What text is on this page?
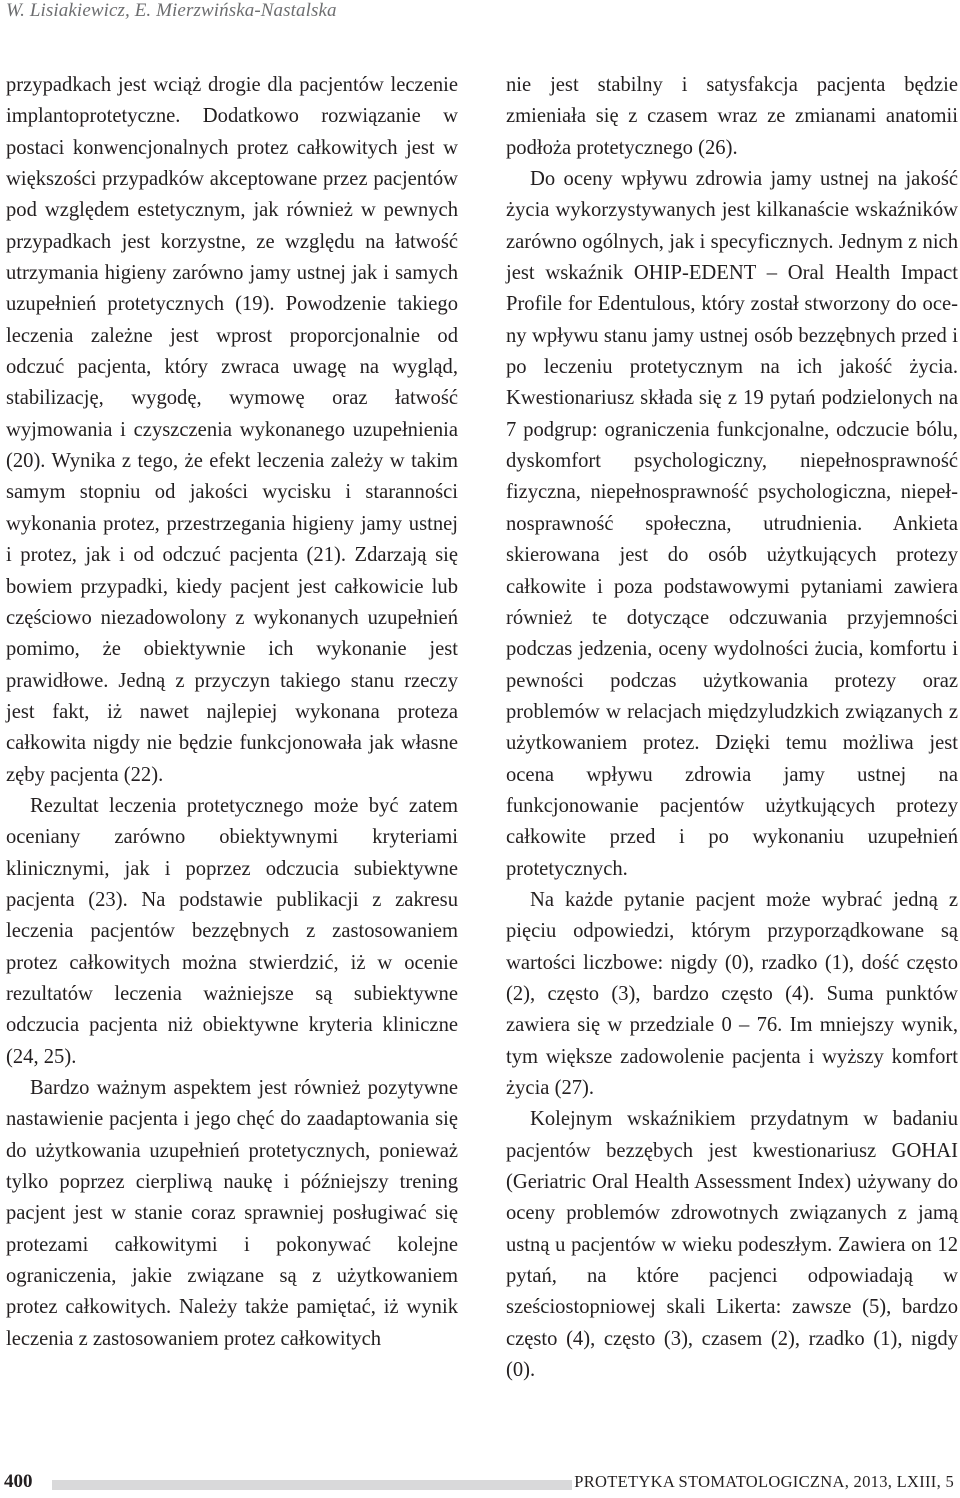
W. Lisiakiewicz, E. Mierzwińska-Nastalska

przypadkach jest wciąż drogie dla pacjentów leczenie implantoprotetyczne. Dodatkowo rozwiązanie w postaci konwencjonalnych protez całkowitych jest w większości przypadków akceptowane przez pacjentów pod względem estetycznym, jak również w pewnych przypadkach jest korzystne, ze względu na łatwość utrzymania higieny zarówno jamy ustnej jak i samych uzupełnień protetycznych (19). Powodzenie takiego leczenia zależne jest wprost proporcjonalnie od odczuć pacjenta, który zwraca uwagę na wygląd, stabilizację, wygodę, wymowę oraz łatwość wyjmowania i czyszczenia wykonanego uzupełnienia (20). Wynika z tego, że efekt leczenia zależy w takim samym stopniu od jakości wycisku i staranności wykonania protez, przestrzegania higieny jamy ustnej i protez, jak i od odczuć pacjenta (21). Zdarzają się bowiem przypadki, kiedy pacjent jest całkowicie lub częściowo niezadowolony z wykonanych uzupełnień pomimo, że obiektywnie ich wykonanie jest prawidłowe. Jedną z przyczyn takiego stanu rzeczy jest fakt, iż nawet najlepiej wykonana proteza całkowita nigdy nie będzie funkcjonowała jak własne zęby pacjenta (22).

Rezultat leczenia protetycznego może być zatem oceniany zarówno obiektywnymi kryteriami klinicznymi, jak i poprzez odczucia subiektywne pacjenta (23). Na podstawie publikacji z zakresu leczenia pacjentów bezzębnych z zastosowaniem protez całkowitych można stwierdzić, iż w ocenie rezultatów leczenia ważniejsze są subiektywne odczucia pacjenta niż obiektywne kryteria kliniczne (24, 25).

Bardzo ważnym aspektem jest również pozytywne nastawienie pacjenta i jego chęć do zaadaptowania się do użytkowania uzupełnień protetycznych, ponieważ tylko poprzez cierpliwą naukę i późniejszy trening pacjent jest w stanie coraz sprawniej posługiwać się protezami całkowitymi i pokonywać kolejne ograniczenia, jakie związane są z użytkowaniem protez całkowitych. Należy także pamiętać, iż wynik leczenia z zastosowaniem protez całkowitych

nie jest stabilny i satysfakcja pacjenta będzie zmieniała się z czasem wraz ze zmianami anatomii podłoża protetycznego (26).

Do oceny wpływu zdrowia jamy ustnej na jakość życia wykorzystywanych jest kilkanaście wskaźników zarówno ogólnych, jak i specyficznych. Jednym z nich jest wskaźnik OHIP-EDENT – Oral Health Impact Profile for Edentulous, który został stworzony do oceny wpływu stanu jamy ustnej osób bezzębnych przed i po leczeniu protetycznym na ich jakość życia. Kwestionariusz składa się z 19 pytań podzielonych na 7 podgrup: ograniczenia funkcjonalne, odczucie bólu, dyskomfort psychologiczny, niepełnosprawność fizyczna, niepełnosprawność psychologiczna, niepełnosprawność społeczna, utrudnienia. Ankieta skierowana jest do osób użytkujących protezy całkowite i poza podstawowymi pytaniami zawiera również te dotyczące odczuwania przyjemności podczas jedzenia, oceny wydolności żucia, komfortu i pewności podczas użytkowania protezy oraz problemów w relacjach międzyludzkich związanych z użytkowaniem protez. Dzięki temu możliwa jest ocena wpływu zdrowia jamy ustnej na funkcjonowanie pacjentów użytkujących protezy całkowite przed i po wykonaniu uzupełnień protetycznych.

Na każde pytanie pacjent może wybrać jedną z pięciu odpowiedzi, którym przyporządkowane są wartości liczbowe: nigdy (0), rzadko (1), dość często (2), często (3), bardzo często (4). Suma punktów zawiera się w przedziale 0 – 76. Im mniejszy wynik, tym większe zadowolenie pacjenta i wyższy komfort życia (27).

Kolejnym wskaźnikiem przydatnym w badaniu pacjentów bezzębych jest kwestionariusz GOHAI (Geriatric Oral Health Assessment Index) używany do oceny problemów zdrowotnych związanych z jamą ustną u pacjentów w wieku podeszłym. Zawiera on 12 pytań, na które pacjenci odpowiadają w sześciostopniowej skali Likerta: zawsze (5), bardzo często (4), często (3), czasem (2), rzadko (1), nigdy (0).

400	PROTETYKA STOMATOLOGICZNA, 2013, LXIII, 5
